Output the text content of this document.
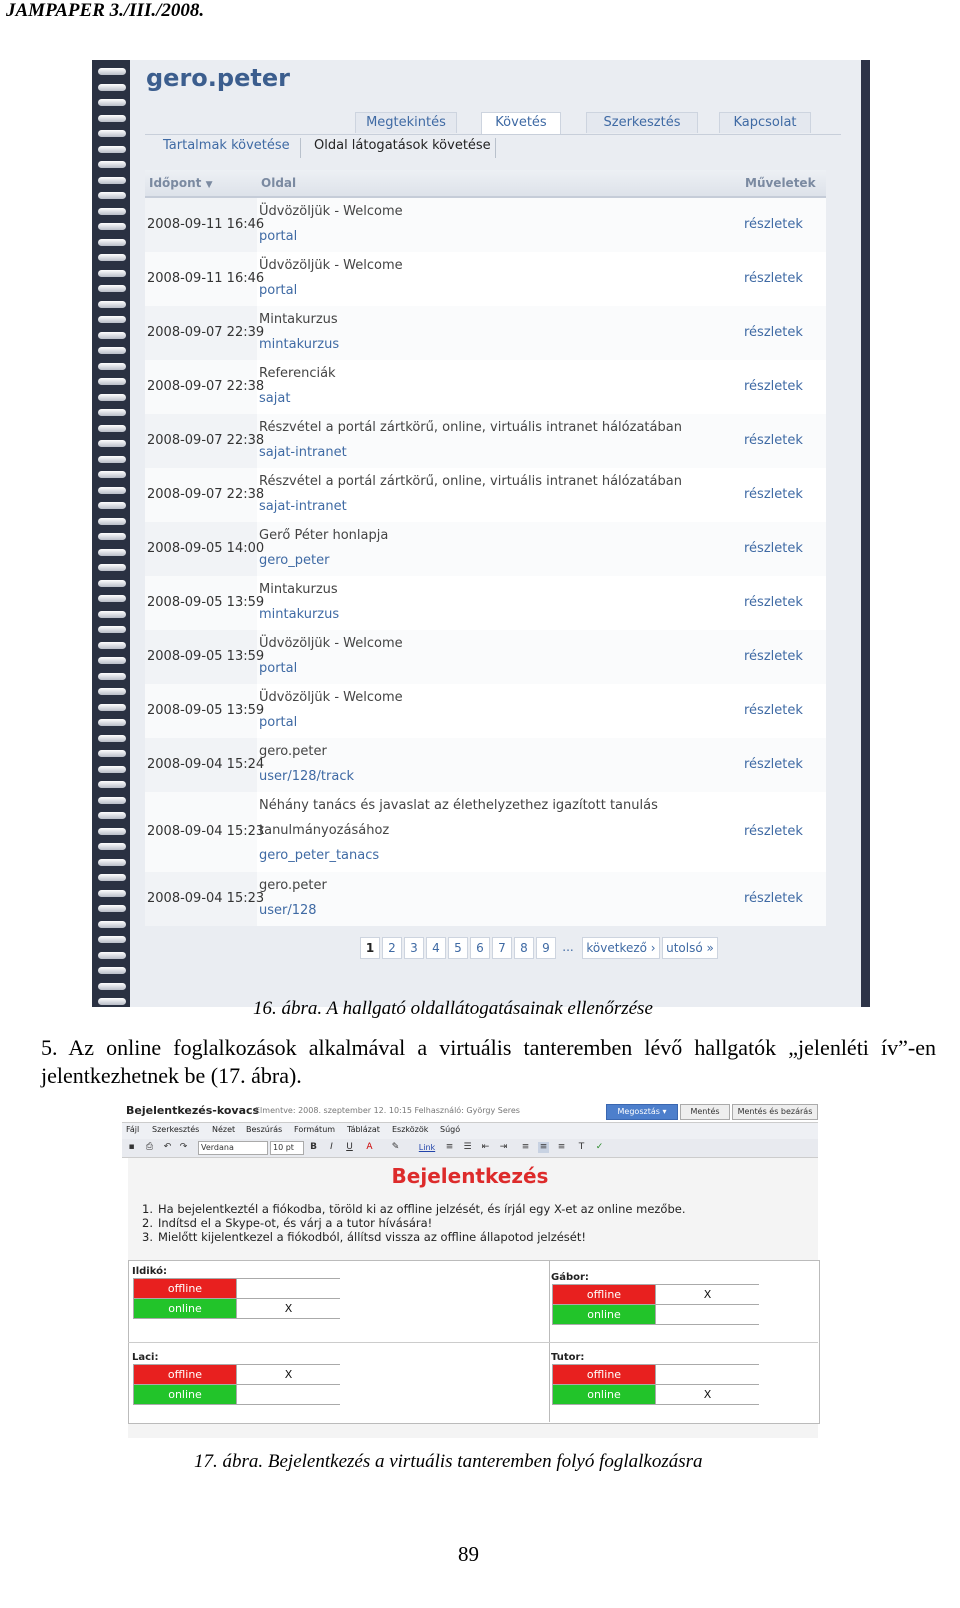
JAMPAPER 3./III./2008.
gero.peter
Megtekintés	Követés	Szerkesztés	Kapcsolat
Tartalmak követése Oldal látogatások követése
Időpont ▼	Oldal	Műveletek
2008-09-11 16:46
Üdvözöljük - Welcome
portal
részletek
2008-09-11 16:46
Üdvözöljük - Welcome
portal
részletek
2008-09-07 22:39
Mintakurzus
mintakurzus
részletek
2008-09-07 22:38
Referenciák
sajat
részletek
2008-09-07 22:38
Részvétel a portál zártkörű, online, virtuális intranet hálózatában
sajat-intranet
részletek
2008-09-07 22:38
Részvétel a portál zártkörű, online, virtuális intranet hálózatában
sajat-intranet
részletek
2008-09-05 14:00
Gerő Péter honlapja
gero_peter
részletek
2008-09-05 13:59
Mintakurzus
mintakurzus
részletek
2008-09-05 13:59
Üdvözöljük - Welcome
portal
részletek
2008-09-05 13:59
Üdvözöljük - Welcome
portal
részletek
2008-09-04 15:24
gero.peter
user/128/track
részletek
2008-09-04 15:23
Néhány tanács és javaslat az élethelyzethez igazított tanulás
tanulmányozásához
gero_peter_tanacs
részletek
2008-09-04 15:23
gero.peter
user/128
részletek
1	2	3	4	5	6	7	8	9	...	következő › utolsó »
16. ábra. A hallgató oldallátogatásainak ellenőrzése
5. Az online foglalkozások alkalmával a virtuális tanteremben lévő hallgatók „jelenléti ív”-en jelentkezhetnek be (17. ábra).
Bejelentkezés-kovacs
Elmentve: 2008. szeptember 12. 10:15 Felhasználó: György Seres	Megosztás ▾	Mentés	Mentés és bezárás
Fájl Szerkesztés Nézet Beszúrás Formátum Táblázat Eszközök Súgó
▪ ⎙ ↶ ↷	Verdana	10 pt	B	I	U A ✎ Link ≡ ☰ ⇤ ⇥ ≡ ≡ ≡	T	✓
Bejelentkezés
1. Ha bejelentkeztél a fiókodba, töröld ki az offline jelzését, és írjál egy X-et az online mezőbe.
2. Indítsd el a Skype-ot, és várj a a tutor hívására!
3. Mielőtt kijelentkezel a fiókodból, állítsd vissza az offline állapotod jelzését!
Ildikó:
offline
online	X
Gábor:
offline	X
online
Laci:
offline	X
online
Tutor:
offline
online	X
17. ábra. Bejelentkezés a virtuális tanteremben folyó foglalkozásra
89
